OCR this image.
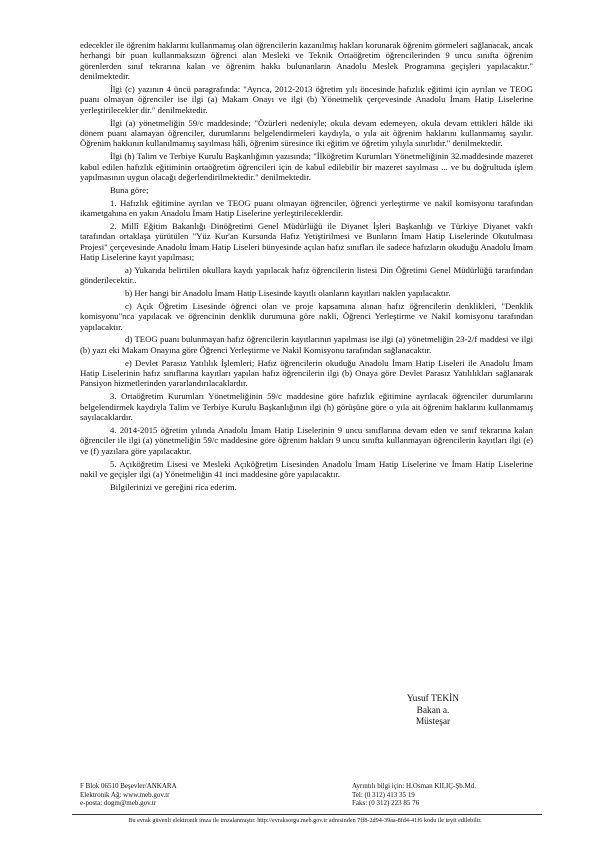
edecekler ile öğrenim haklarını kullanmamış olan öğrencilerin kazanılmış hakları korunarak öğrenim görmeleri sağlanacak, ancak herhangi bir puan kullanmaksızın öğrenci alan Mesleki ve Teknik Ortaöğretim öğrencilerinden 9 uncu sınıfta öğrenim görenlerden sınıf tekrarına kalan ve öğrenim hakkı bulunanların Anadolu Meslek Programına geçişleri yapılacaktır." denilmektedir.

İlgi (c) yazının 4 üncü paragrafında: "Ayrıca, 2012-2013 öğretim yılı öncesinde hafızlık eğitimi için ayrılan ve TEOG puanı olmayan öğrenciler ise ilgi (a) Makam Onayı ve ilgi (b) Yönetmelik çerçevesinde Anadolu İmam Hatip Liselerine yerleştirilecekler dir." denilmektedir.

İlgi (a) yönetmeliğin 59/c maddesinde; "Özürleri nedeniyle; okula devam edemeyen, okula devam ettikleri hâlde iki dönem puanı alamayan öğrenciler, durumlarını belgelendirmeleri kaydıyla, o yıla ait öğrenim haklarını kullanmamış sayılır. Öğrenim hakkının kullanılmamış sayılması hâli, öğrenim süresince iki eğitim ve öğretim yılıyla sınırlıdır." denilmektedir.

İlgi (h) Talim ve Terbiye Kurulu Başkanlığının yazısında; "İlköğretim Kurumları Yönetmeliğinin 32.maddesinde mazeret kabul edilen hafızlık eğitiminin ortaöğretim öğrencileri için de kabul edilebilir bir mazeret sayılması ... ve bu doğrultuda işlem yapılmasının uygun olacağı değerlendirilmektedir." denilmektedir.

Buna göre;

1. Hafızlık eğitimine ayrılan ve TEOG puanı olmayan öğrenciler, öğrenci yerleştirme ve nakil komisyonu tarafından ikametgahına en yakın Anadolu İmam Hatip Liselerine yerleştirileceklerdir.

2. Millî Eğitim Bakanlığı Dinöğretimi Genel Müdürlüğü ile Diyanet İşleri Başkanlığı ve Türkiye Diyanet vakfı tarafından ortaklaşa yürütülen "Yüz Kur'an Kursunda Hafız Yetiştirilmesi ve Bunların İmam Hatip Liselerinde Okutulması Projesi" çerçevesinde Anadolu İmam Hatip Liseleri bünyesinde açılan hafız sınıfları ile sadece hafızların okuduğu Anadolu İmam Hatip Liselerine kayıt yapılması;

a) Yukarıda belirtilen okullara kaydı yapılacak hafız öğrencilerin listesi Din Öğretimi Genel Müdürlüğü taraıfından gönderilecektir..

b) Her hangi bir Anadolu İmam Hatip Lisesinde kayıtlı olanların kayıtları naklen yapılacaktır.

c) Açık Öğretim Lisesinde öğrenci olan ve proje kapsamına alınan hafız öğrencilerin denklikleri, "Denklik komisyonu"nca yapılacak ve öğrencinin denklik durumuna göre nakli, Öğrenci Yerleştirme ve Nakil komisyonu tarafından yapılacaktır.

d) TEOG puanı bulunmayan hafız öğrencilerin kayıtlarının yapılması ise ilgi (a) yönetmeliğin 23-2/f maddesi ve ilgi (b) yazı eki Makam Onayına göre Öğrenci Yerleştirme ve Nakil Komisyonu tarafından sağlanacaktır.

e) Devlet Parasız Yatılılık İşlemleri; Hafız öğrencilerin okuduğu Anadolu İmam Hatip Liseleri ile Anadolu İmam Hatip Liselerinin hafız sınıflarına kayıtları yapılan hafız öğrencilerin ilgi (b) Onaya göre Devlet Parasız Yatılılıkları sağlanarak Pansiyon hizmetlerinden yararlandırılacaklardır.

3. Ortaöğretim Kurumları Yönetmeliğinin 59/c maddesine göre hafızlık eğitimine ayrılacak öğrenciler durumlarını belgelendirmek kaydıyla Talim ve Terbiye Kurulu Başkanlığının ilgi (h) görüşüne göre o yıla ait öğrenim haklarını kullanmamış sayılacaklardır.

4. 2014-2015 öğretim yılında Anadolu İmam Hatip Liselerinin 9 uncu sınıflarına devam eden ve sınıf tekrarına kalan öğrenciler ile ilgi (a) yönetmeliğin 59/c maddesine göre öğrenim hakları 9 uncu sınıfta kullanmayan öğrencilerin kayıtları ilgi (e) ve (f) yazılara göre yapılacaktır.

5. Açıköğretim Lisesi ve Mesleki Açıköğretim Lisesinden Anadolu İmam Hatip Liselerine ve İmam Hatip Liselerine nakil ve geçişler ilgi (a) Yönetmeliğin 41 inci maddesine göre yapılacaktır.

Bilgilerinizi ve gereğini rica ederim.

Yusuf TEKİN
Bakan a.
Müsteşar
F Blok 06510 Beşevler/ANKARA
Elektronik Ağ: www.meb.gov.tr
e-posta: dogm@meb.gov.tr
Ayrıntılı bilgi için: H.Osman KILIÇ-Şb.Md.
Tel: (0 312) 413 35 19
Faks: (0 312) 223 85 76
Bu evrak güvenli elektronik imza ile imzalanmıştır. http://evraksorgu.meb.gov.tr adresinden 7ff8-2d94-39aa-8fd4-41f6 kodu ile teyit edilebilir.
